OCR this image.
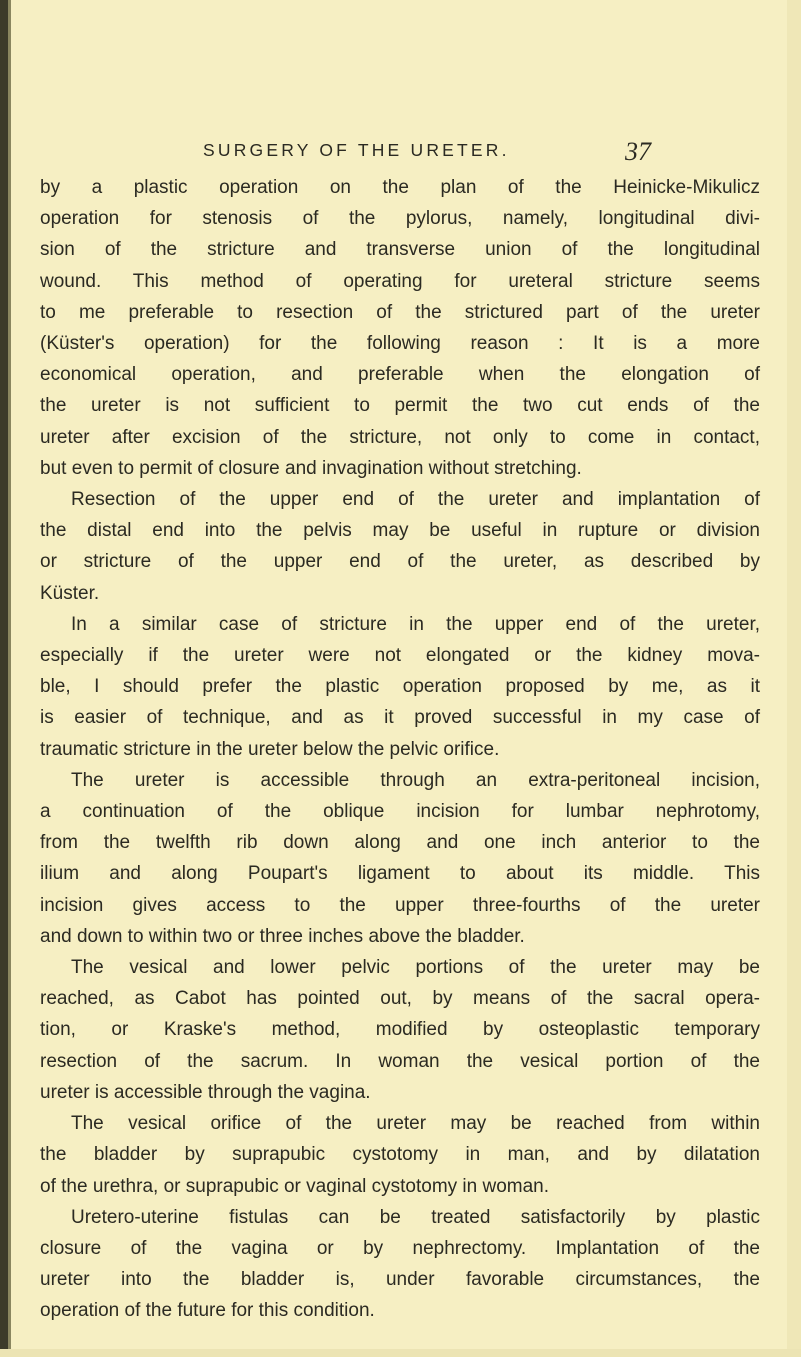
SURGERY OF THE URETER.	37
by a plastic operation on the plan of the Heinicke-Mikulicz
operation for stenosis of the pylorus, namely, longitudinal divi-
sion of the stricture and transverse union of the longitudinal
wound. This method of operating for ureteral stricture seems
to me preferable to resection of the strictured part of the ureter
(Küster's operation) for the following reason : It is a more
economical operation, and preferable when the elongation of
the ureter is not sufficient to permit the two cut ends of the
ureter after excision of the stricture, not only to come in contact,
but even to permit of closure and invagination without stretching.
Resection of the upper end of the ureter and implantation of
the distal end into the pelvis may be useful in rupture or division
or stricture of the upper end of the ureter, as described by
Küster.
In a similar case of stricture in the upper end of the ureter,
especially if the ureter were not elongated or the kidney mova-
ble, I should prefer the plastic operation proposed by me, as it
is easier of technique, and as it proved successful in my case of
traumatic stricture in the ureter below the pelvic orifice.
The ureter is accessible through an extra-peritoneal incision,
a continuation of the oblique incision for lumbar nephrotomy,
from the twelfth rib down along and one inch anterior to the
ilium and along Poupart's ligament to about its middle. This
incision gives access to the upper three-fourths of the ureter
and down to within two or three inches above the bladder.
The vesical and lower pelvic portions of the ureter may be
reached, as Cabot has pointed out, by means of the sacral opera-
tion, or Kraske's method, modified by osteoplastic temporary
resection of the sacrum. In woman the vesical portion of the
ureter is accessible through the vagina.
The vesical orifice of the ureter may be reached from within
the bladder by suprapubic cystotomy in man, and by dilatation
of the urethra, or suprapubic or vaginal cystotomy in woman.
Uretero-uterine fistulas can be treated satisfactorily by plastic
closure of the vagina or by nephrectomy. Implantation of the
ureter into the bladder is, under favorable circumstances, the
operation of the future for this condition.
